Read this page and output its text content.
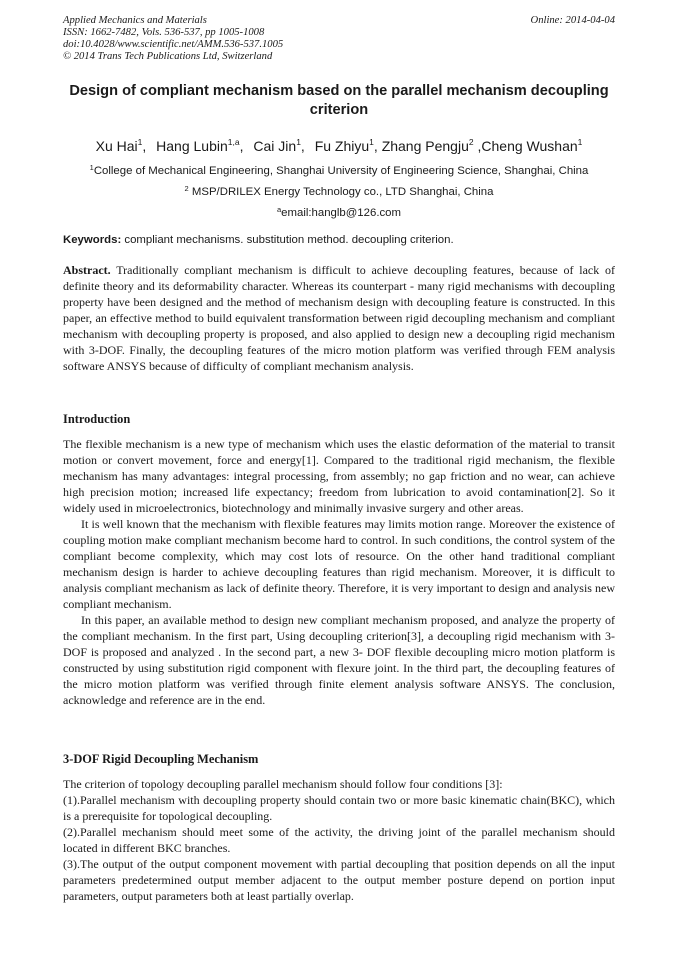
Applied Mechanics and Materials
ISSN: 1662-7482, Vols. 536-537, pp 1005-1008
doi:10.4028/www.scientific.net/AMM.536-537.1005
© 2014 Trans Tech Publications Ltd, Switzerland
Online: 2014-04-04
Design of compliant mechanism based on the parallel mechanism decoupling criterion
Xu Hai$^1$, Hang Lubin$^{1,a}$, Cai Jin$^1$, Fu Zhiyu$^1$, Zhang Pengju$^2$ ,Cheng Wushan$^1$
$^1$College of Mechanical Engineering, Shanghai University of Engineering Science, Shanghai, China
$^2$ MSP/DRILEX Energy Technology co., LTD Shanghai, China
$^a$email:hanglb@126.com
Keywords: compliant mechanisms. substitution method. decoupling criterion.
Abstract. Traditionally compliant mechanism is difficult to achieve decoupling features, because of lack of definite theory and its deformability character. Whereas its counterpart - many rigid mechanisms with decoupling property have been designed and the method of mechanism design with decoupling feature is constructed. In this paper, an effective method to build equivalent transformation between rigid decoupling mechanism and compliant mechanism with decoupling property is proposed, and also applied to design new a decoupling rigid mechanism with 3-DOF. Finally, the decoupling features of the micro motion platform was verified through FEM analysis software ANSYS because of difficulty of compliant mechanism analysis.
Introduction

The flexible mechanism is a new type of mechanism which uses the elastic deformation of the material to transit motion or convert movement, force and energy[1]. Compared to the traditional rigid mechanism, the flexible mechanism has many advantages: integral processing, from assembly; no gap friction and no wear, can achieve high precision motion; increased life expectancy; freedom from lubrication to avoid contamination[2]. So it widely used in microelectronics, biotechnology and minimally invasive surgery and other areas.

It is well known that the mechanism with flexible features may limits motion range. Moreover the existence of coupling motion make compliant mechanism become hard to control. In such conditions, the control system of the compliant become complexity, which may cost lots of resource. On the other hand traditional compliant mechanism design is harder to achieve decoupling features than rigid mechanism. Moreover, it is difficult to analysis compliant mechanism as lack of definite theory. Therefore, it is very important to design and analysis new compliant mechanism.

In this paper, an available method to design new compliant mechanism proposed, and analyze the property of the compliant mechanism. In the first part, Using decoupling criterion[3], a decoupling rigid mechanism with 3-DOF is proposed and analyzed . In the second part, a new 3- DOF flexible decoupling micro motion platform is constructed by using substitution rigid component with flexure joint. In the third part, the decoupling features of the micro motion platform was verified through finite element analysis software ANSYS. The conclusion, acknowledge and reference are in the end.

3-DOF Rigid Decoupling Mechanism

The criterion of topology decoupling parallel mechanism should follow four conditions [3]:

(1).Parallel mechanism with decoupling property should contain two or more basic kinematic chain(BKC), which is a prerequisite for topological decoupling.

(2).Parallel mechanism should meet some of the activity, the driving joint of the parallel mechanism should located in different BKC branches.

(3).The output of the output component movement with partial decoupling that position depends on all the input parameters predetermined output member adjacent to the output member posture depend on portion input parameters, output parameters both at least partially overlap.
